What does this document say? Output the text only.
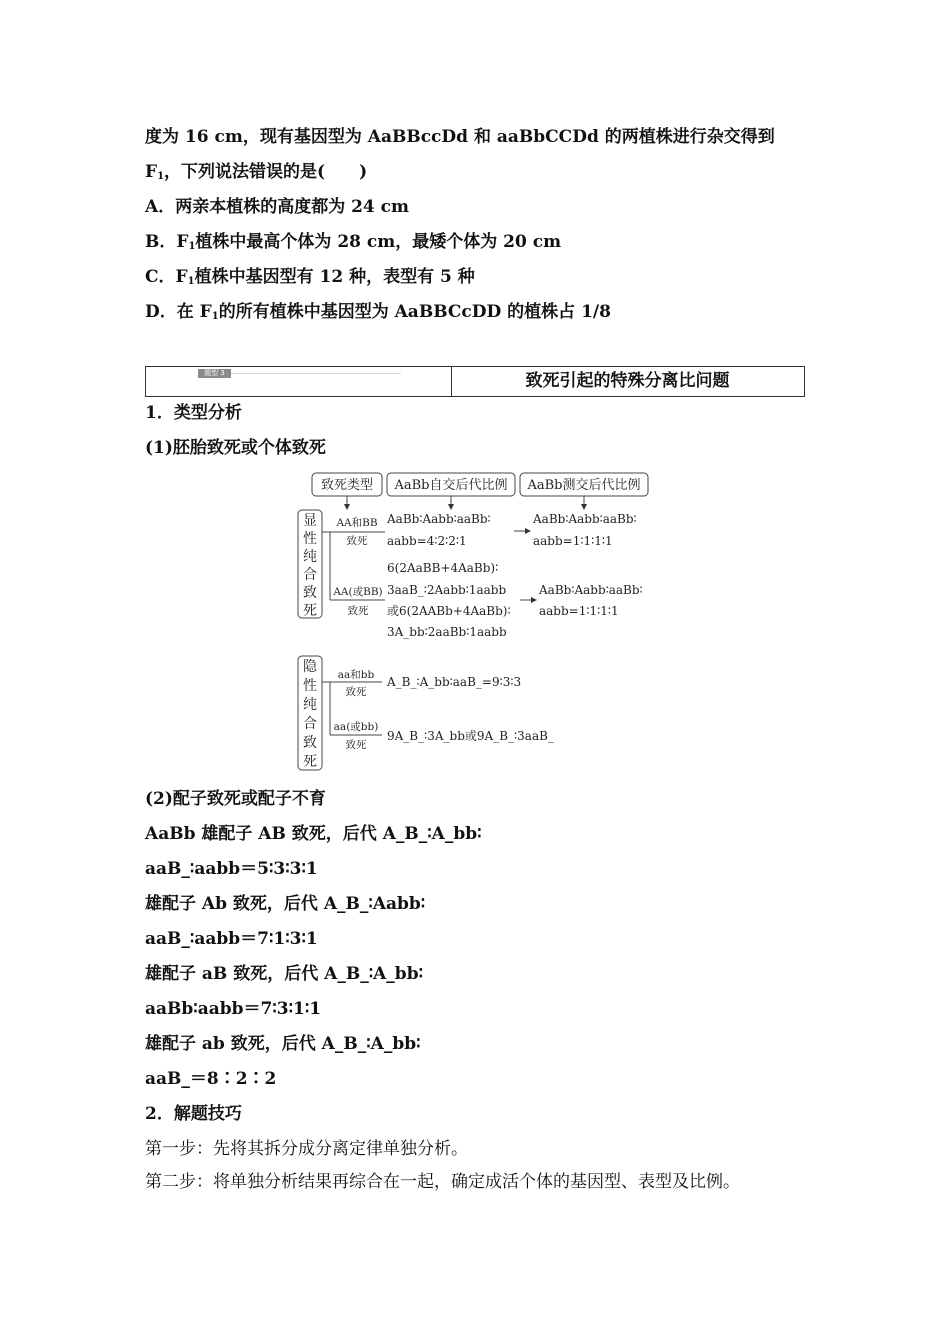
度为 16 cm，现有基因型为 AaBBccDd 和 aaBbCCDd 的两植株进行杂交得到
$F_1$，下列说法错误的是(　　)
A．两亲本植株的高度都为 24 cm
B．$F_1$植株中最高个体为 28 cm，最矮个体为 20 cm
C．$F_1$植株中基因型有 12 种，表型有 5 种
D．在 $F_1$的所有植株中基因型为 AaBBCcDD 的植株占 1/8
题型 3	致死引起的特殊分离比问题
1．类型分析
(1)胚胎致死或个体致死
致死类型 AaBb自交后代比例 AaBb测交后代比例
显
性
纯
合
致
死
AA和BB
致死
AaBb∶Aabb∶aaBb∶
aabb=4∶2∶2∶1
AaBb∶Aabb∶aaBb∶
aabb=1∶1∶1∶1
AA(或BB)
致死
6(2AaBB+4AaBb)∶
3aaB_∶2Aabb∶1aabb
或6(2AABb+4AaBb)∶
3A_bb∶2aaBb∶1aabb
AaBb∶Aabb∶aaBb∶
aabb=1∶1∶1∶1
隐
性
纯
合
致
死
aa和bb
致死
A_B_∶A_bb∶aaB_=9∶3∶3
aa(或bb)
致死
9A_B_∶3A_bb或9A_B_∶3aaB_
(2)配子致死或配子不育
AaBb 雄配子 AB 致死，后代 A_B_∶A_bb∶
aaB_∶aabb＝5∶3∶3∶1
雄配子 Ab 致死，后代 A_B_∶Aabb∶
aaB_∶aabb＝7∶1∶3∶1
雄配子 aB 致死，后代 A_B_∶A_bb∶
aaBb∶aabb＝7∶3∶1∶1
雄配子 ab 致死，后代 A_B_∶A_bb∶
aaB_＝8∶2∶2
2．解题技巧
第一步：先将其拆分成分离定律单独分析。
第二步：将单独分析结果再综合在一起，确定成活个体的基因型、表型及比例。
